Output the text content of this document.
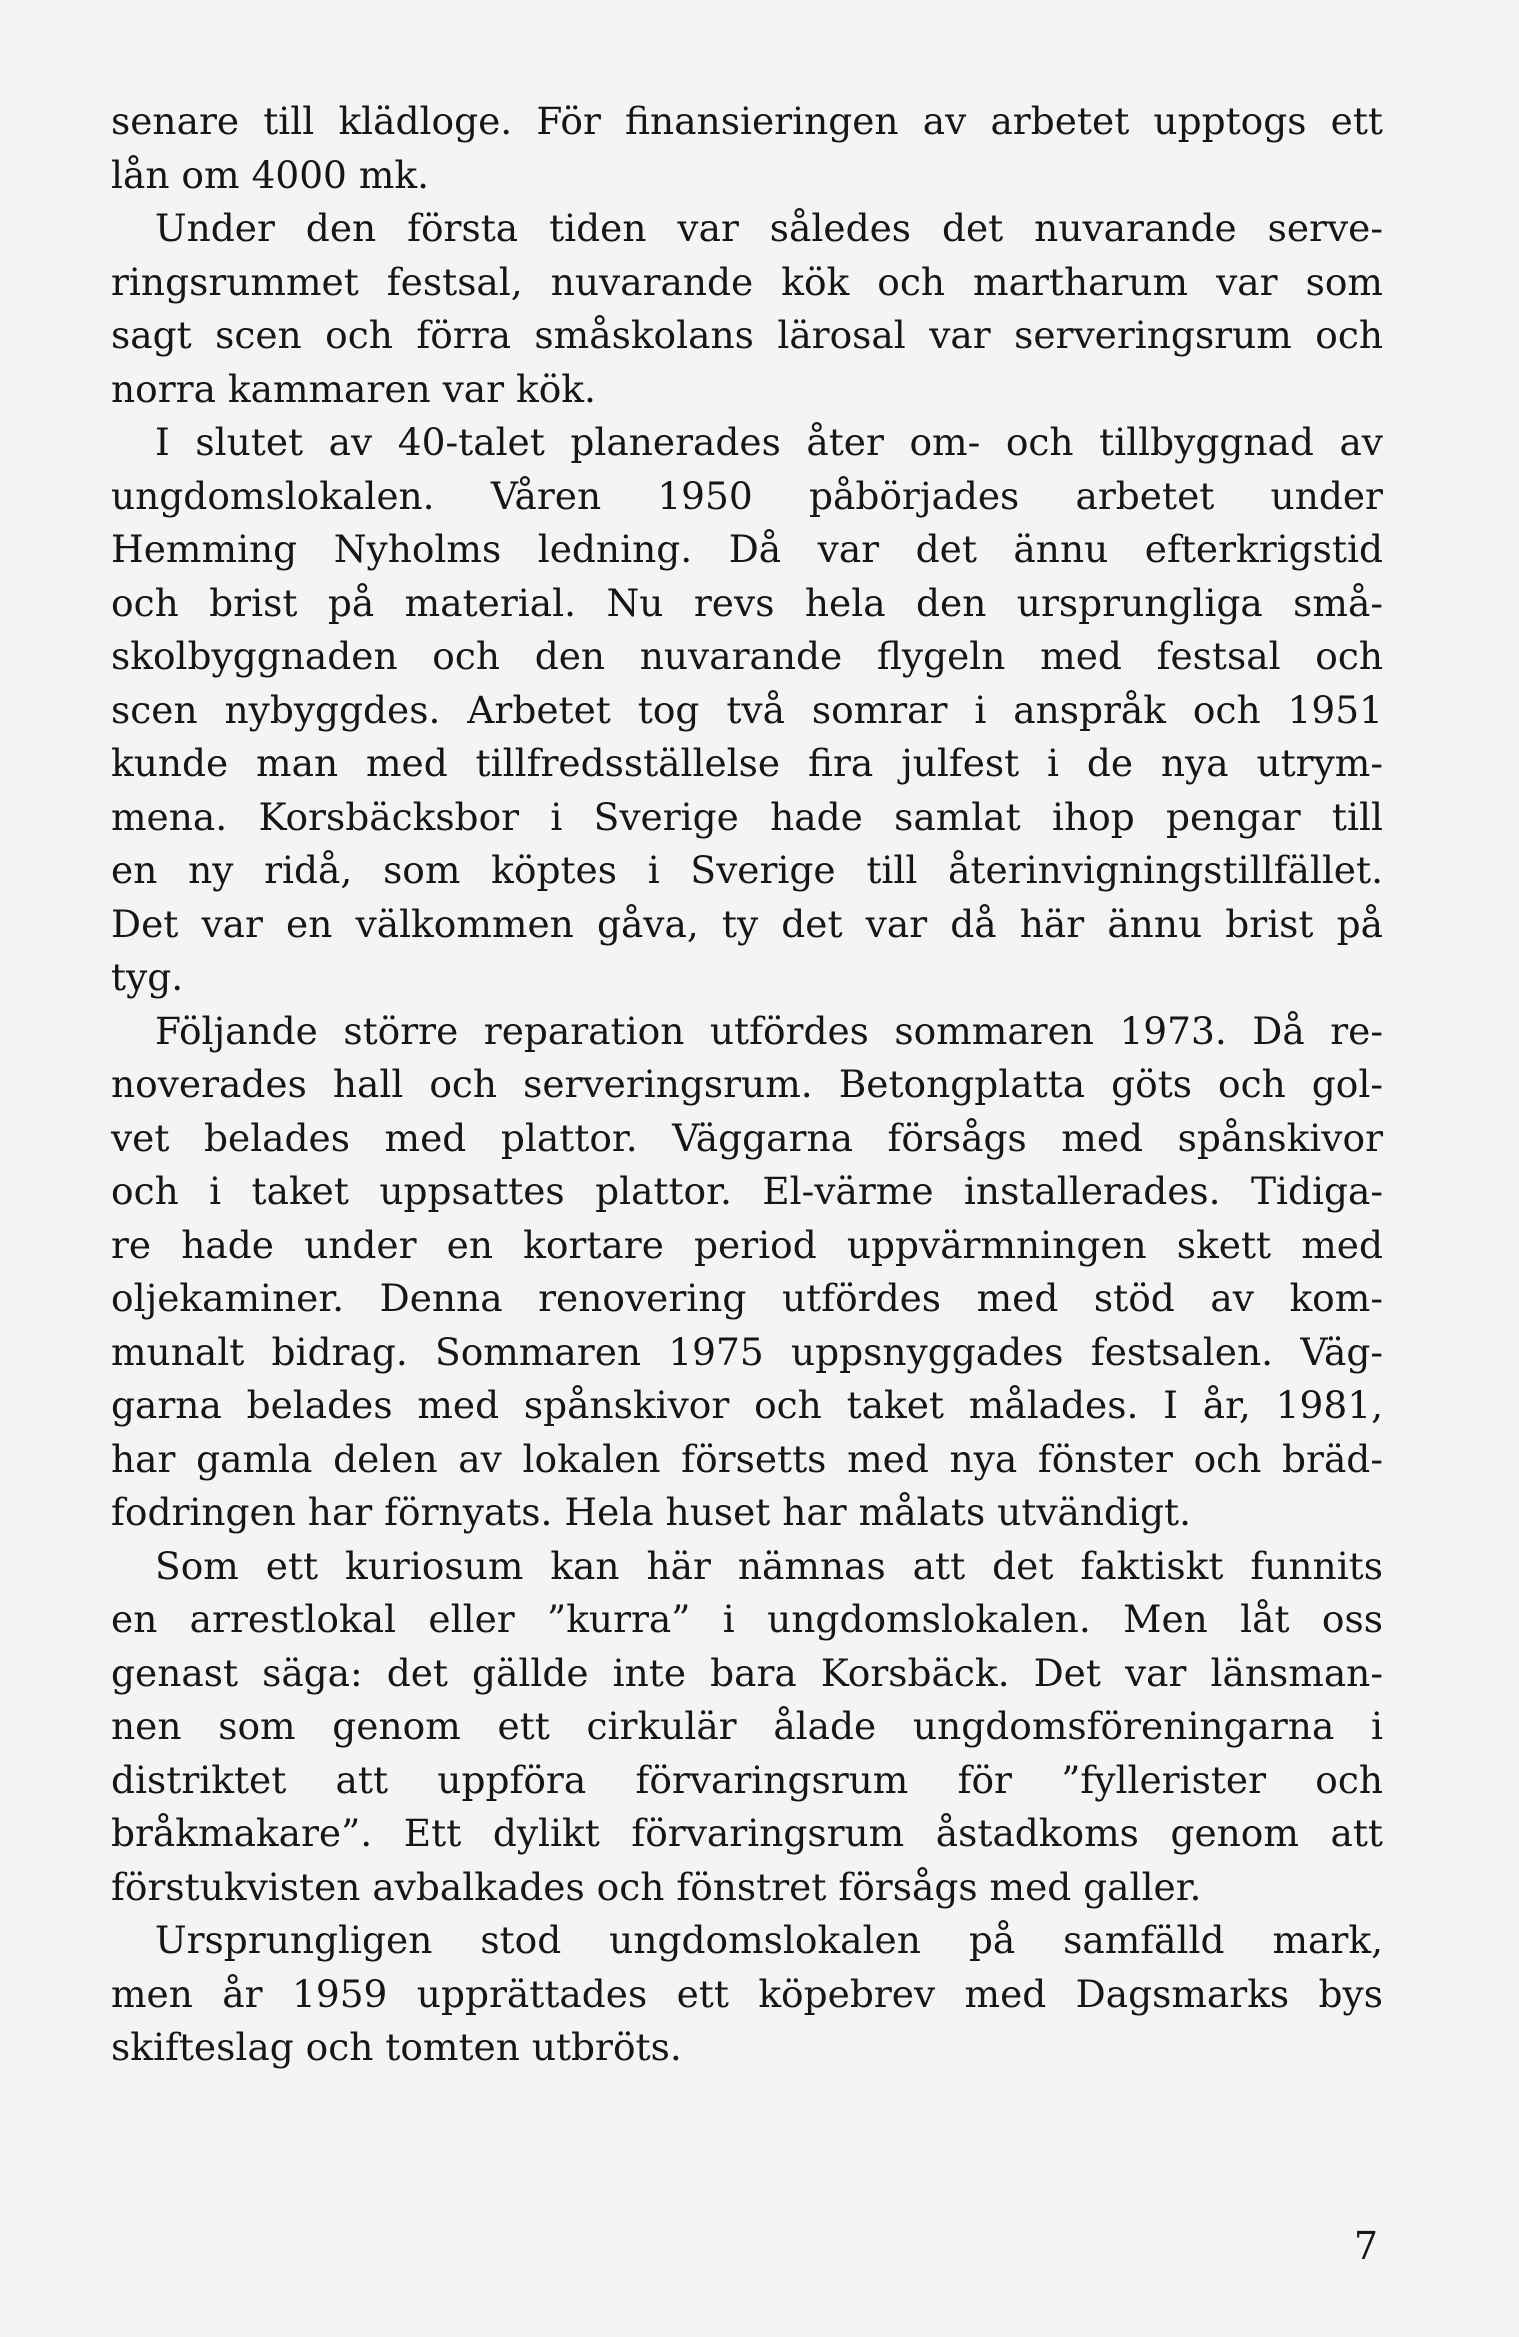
senare till klädloge. För finansieringen av arbetet upptogs ett
lån om 4000 mk.
Under den första tiden var således det nuvarande serve-
ringsrummet festsal, nuvarande kök och martharum var som
sagt scen och förra småskolans lärosal var serveringsrum och
norra kammaren var kök.
I slutet av 40-talet planerades åter om- och tillbyggnad av
ungdomslokalen. Våren 1950 påbörjades arbetet under
Hemming Nyholms ledning. Då var det ännu efterkrigstid
och brist på material. Nu revs hela den ursprungliga små-
skolbyggnaden och den nuvarande flygeln med festsal och
scen nybyggdes. Arbetet tog två somrar i anspråk och 1951
kunde man med tillfredsställelse fira julfest i de nya utrym-
mena. Korsbäcksbor i Sverige hade samlat ihop pengar till
en ny ridå, som köptes i Sverige till återinvigningstillfället.
Det var en välkommen gåva, ty det var då här ännu brist på
tyg.
Följande större reparation utfördes sommaren 1973. Då re-
noverades hall och serveringsrum. Betongplatta göts och gol-
vet belades med plattor. Väggarna försågs med spånskivor
och i taket uppsattes plattor. El-värme installerades. Tidiga-
re hade under en kortare period uppvärmningen skett med
oljekaminer. Denna renovering utfördes med stöd av kom-
munalt bidrag. Sommaren 1975 uppsnyggades festsalen. Väg-
garna belades med spånskivor och taket målades. I år, 1981,
har gamla delen av lokalen försetts med nya fönster och bräd-
fodringen har förnyats. Hela huset har målats utvändigt.
Som ett kuriosum kan här nämnas att det faktiskt funnits
en arrestlokal eller ”kurra” i ungdomslokalen. Men låt oss
genast säga: det gällde inte bara Korsbäck. Det var länsman-
nen som genom ett cirkulär ålade ungdomsföreningarna i
distriktet att uppföra förvaringsrum för ”fyllerister och
bråkmakare”. Ett dylikt förvaringsrum åstadkoms genom att
förstukvisten avbalkades och fönstret försågs med galler.
Ursprungligen stod ungdomslokalen på samfälld mark,
men år 1959 upprättades ett köpebrev med Dagsmarks bys
skifteslag och tomten utbröts.
7
